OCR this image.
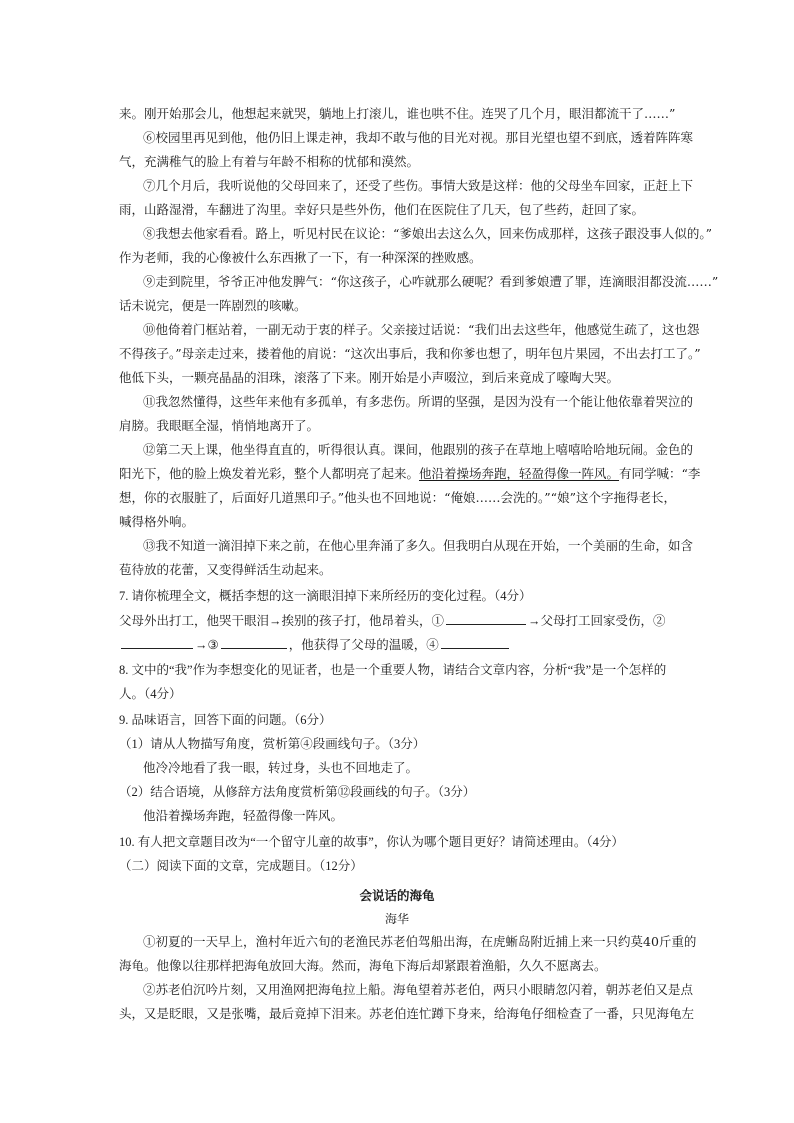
来。刚开始那会儿，他想起来就哭，躺地上打滚儿，谁也哄不住。连哭了几个月，眼泪都流干了……”
⑥校园里再见到他，他仍旧上课走神，我却不敢与他的目光对视。那目光望也望不到底，透着阵阵寒
气，充满稚气的脸上有着与年龄不相称的忧郁和漠然。
⑦几个月后，我听说他的父母回来了，还受了些伤。事情大致是这样：他的父母坐车回家，正赶上下
雨，山路湿滑，车翻进了沟里。幸好只是些外伤，他们在医院住了几天，包了些药，赶回了家。
⑧我想去他家看看。路上，听见村民在议论：“爹娘出去这么久，回来伤成那样，这孩子跟没事人似的。”
作为老师，我的心像被什么东西揪了一下，有一种深深的挫败感。
⑨走到院里，爷爷正冲他发脾气：“你这孩子，心咋就那么硬呢？看到爹娘遭了罪，连滴眼泪都没流……”
话未说完，便是一阵剧烈的咳嗽。
⑩他倚着门框站着，一副无动于衷的样子。父亲接过话说：“我们出去这些年，他感觉生疏了，这也怨
不得孩子。”母亲走过来，搂着他的肩说：“这次出事后，我和你爹也想了，明年包片果园，不出去打工了。”
他低下头，一颗亮晶晶的泪珠，滚落了下来。刚开始是小声啜泣，到后来竟成了嚎啕大哭。
⑪我忽然懂得，这些年来他有多孤单，有多悲伤。所谓的坚强，是因为没有一个能让他依靠着哭泣的
肩膀。我眼眶全湿，悄悄地离开了。
⑫第二天上课，他坐得直直的，听得很认真。课间，他跟别的孩子在草地上嘻嘻哈哈地玩闹。金色的
阳光下，他的脸上焕发着光彩，整个人都明亮了起来。他沿着操场奔跑，轻盈得像一阵风。有同学喊：“李
想，你的衣服脏了，后面好几道黑印子。”他头也不回地说：“俺娘……会洗的。”“娘”这个字拖得老长，
喊得格外响。
⑬我不知道一滴泪掉下来之前，在他心里奔涌了多久。但我明白从现在开始，一个美丽的生命，如含
苞待放的花蕾，又变得鲜活生动起来。
7. 请你梳理全文，概括李想的这一滴眼泪掉下来所经历的变化过程。（4分）
父母外出打工，他哭干眼泪→挨别的孩子打，他昂着头，①	→父母打工回家受伤，②
→③	，他获得了父母的温暖，④
8. 文中的“我”作为李想变化的见证者，也是一个重要人物，请结合文章内容，分析“我”是一个怎样的
人。（4分）
9. 品味语言，回答下面的问题。（6分）
（1）请从人物描写角度，赏析第④段画线句子。（3分）
他冷冷地看了我一眼，转过身，头也不回地走了。
（2）结合语境，从修辞方法角度赏析第⑫段画线的句子。（3分）
他沿着操场奔跑，轻盈得像一阵风。
10. 有人把文章题目改为“一个留守儿童的故事”，你认为哪个题目更好？请简述理由。（4分）
（二）阅读下面的文章，完成题目。（12分）
会说话的海龟
海华
①初夏的一天早上，渔村年近六旬的老渔民苏老伯驾船出海，在虎蜥岛附近捕上来一只约莫40斤重的
海龟。他像以往那样把海龟放回大海。然而，海龟下海后却紧跟着渔船，久久不愿离去。
②苏老伯沉吟片刻，又用渔网把海龟拉上船。海龟望着苏老伯，两只小眼睛忽闪着，朝苏老伯又是点
头，又是眨眼，又是张嘴，最后竟掉下泪来。苏老伯连忙蹲下身来，给海龟仔细检查了一番，只见海龟左
